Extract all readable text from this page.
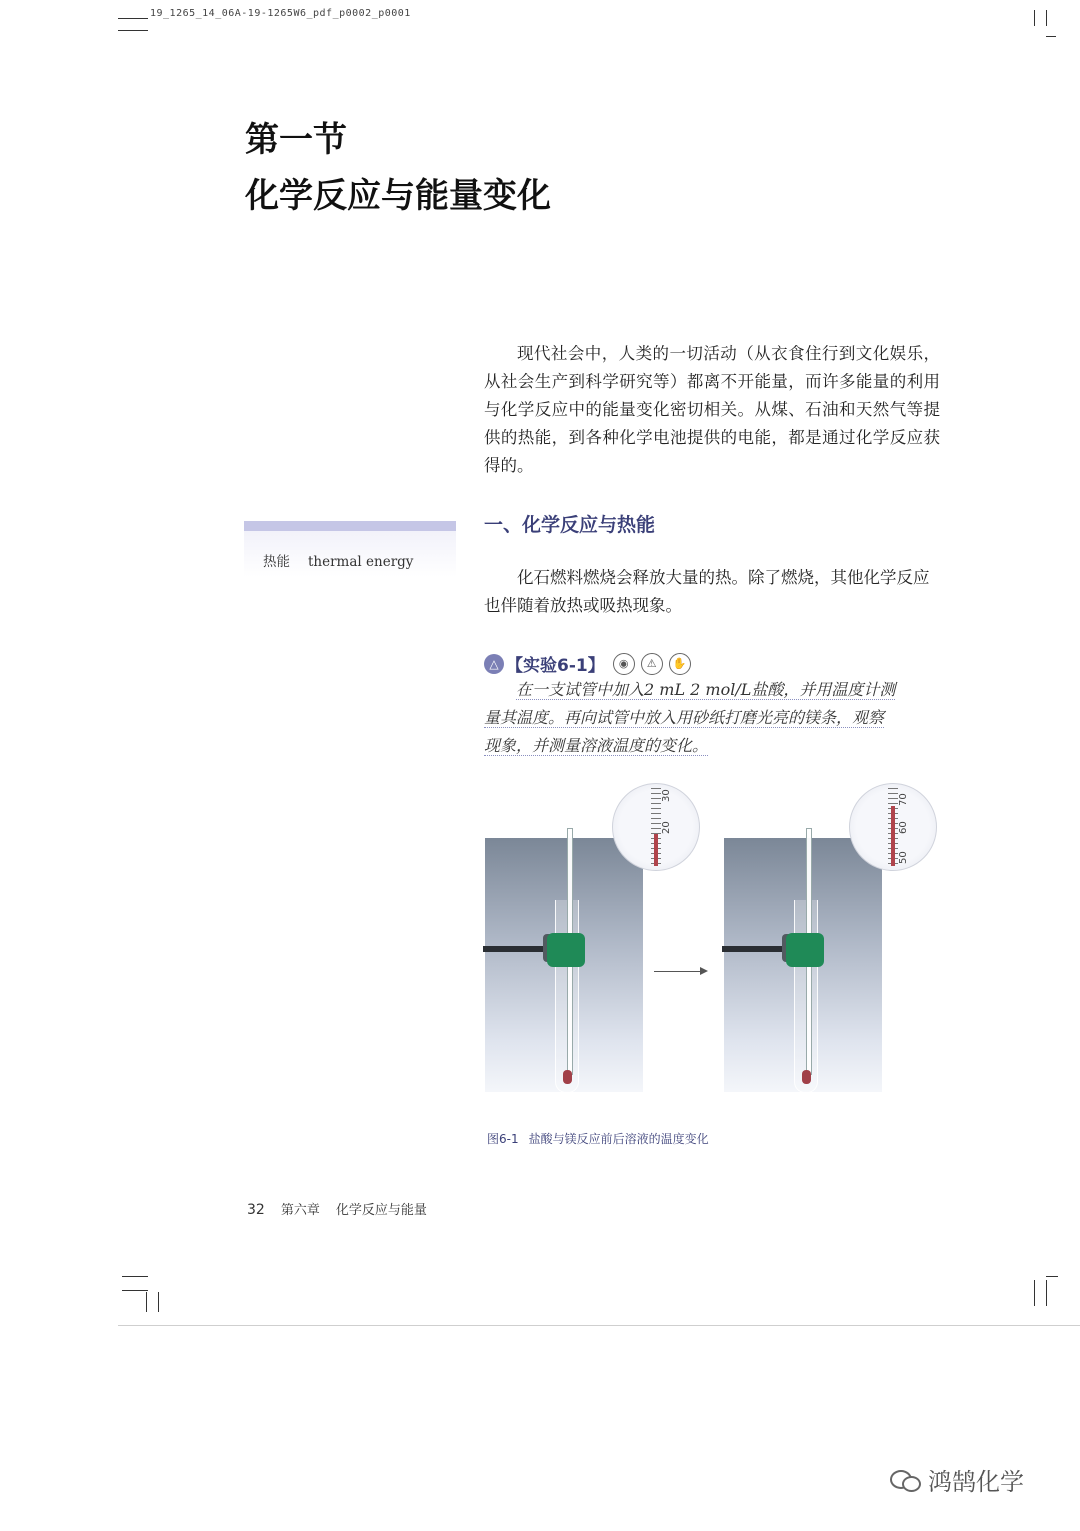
19_1265_14_06A-19-1265W6_pdf_p0002_p0001
第一节
化学反应与能量变化
现代社会中，人类的一切活动（从衣食住行到文化娱乐，从社会生产到科学研究等）都离不开能量，而许多能量的利用与化学反应中的能量变化密切相关。从煤、石油和天然气等提供的热能，到各种化学电池提供的电能，都是通过化学反应获得的。
热能 thermal energy
一、化学反应与热能
化石燃料燃烧会释放大量的热。除了燃烧，其他化学反应也伴随着放热或吸热现象。
△ 【实验6-1】	◉	⚠	✋
在一支试管中加入2 mL 2 mol/L盐酸，并用温度计测
量其温度。再向试管中放入用砂纸打磨光亮的镁条，观察
现象，并测量溶液温度的变化。
20
30
50
60
70
图6-1 盐酸与镁反应前后溶液的温度变化
32 第六章 化学反应与能量
鸿鹄化学
